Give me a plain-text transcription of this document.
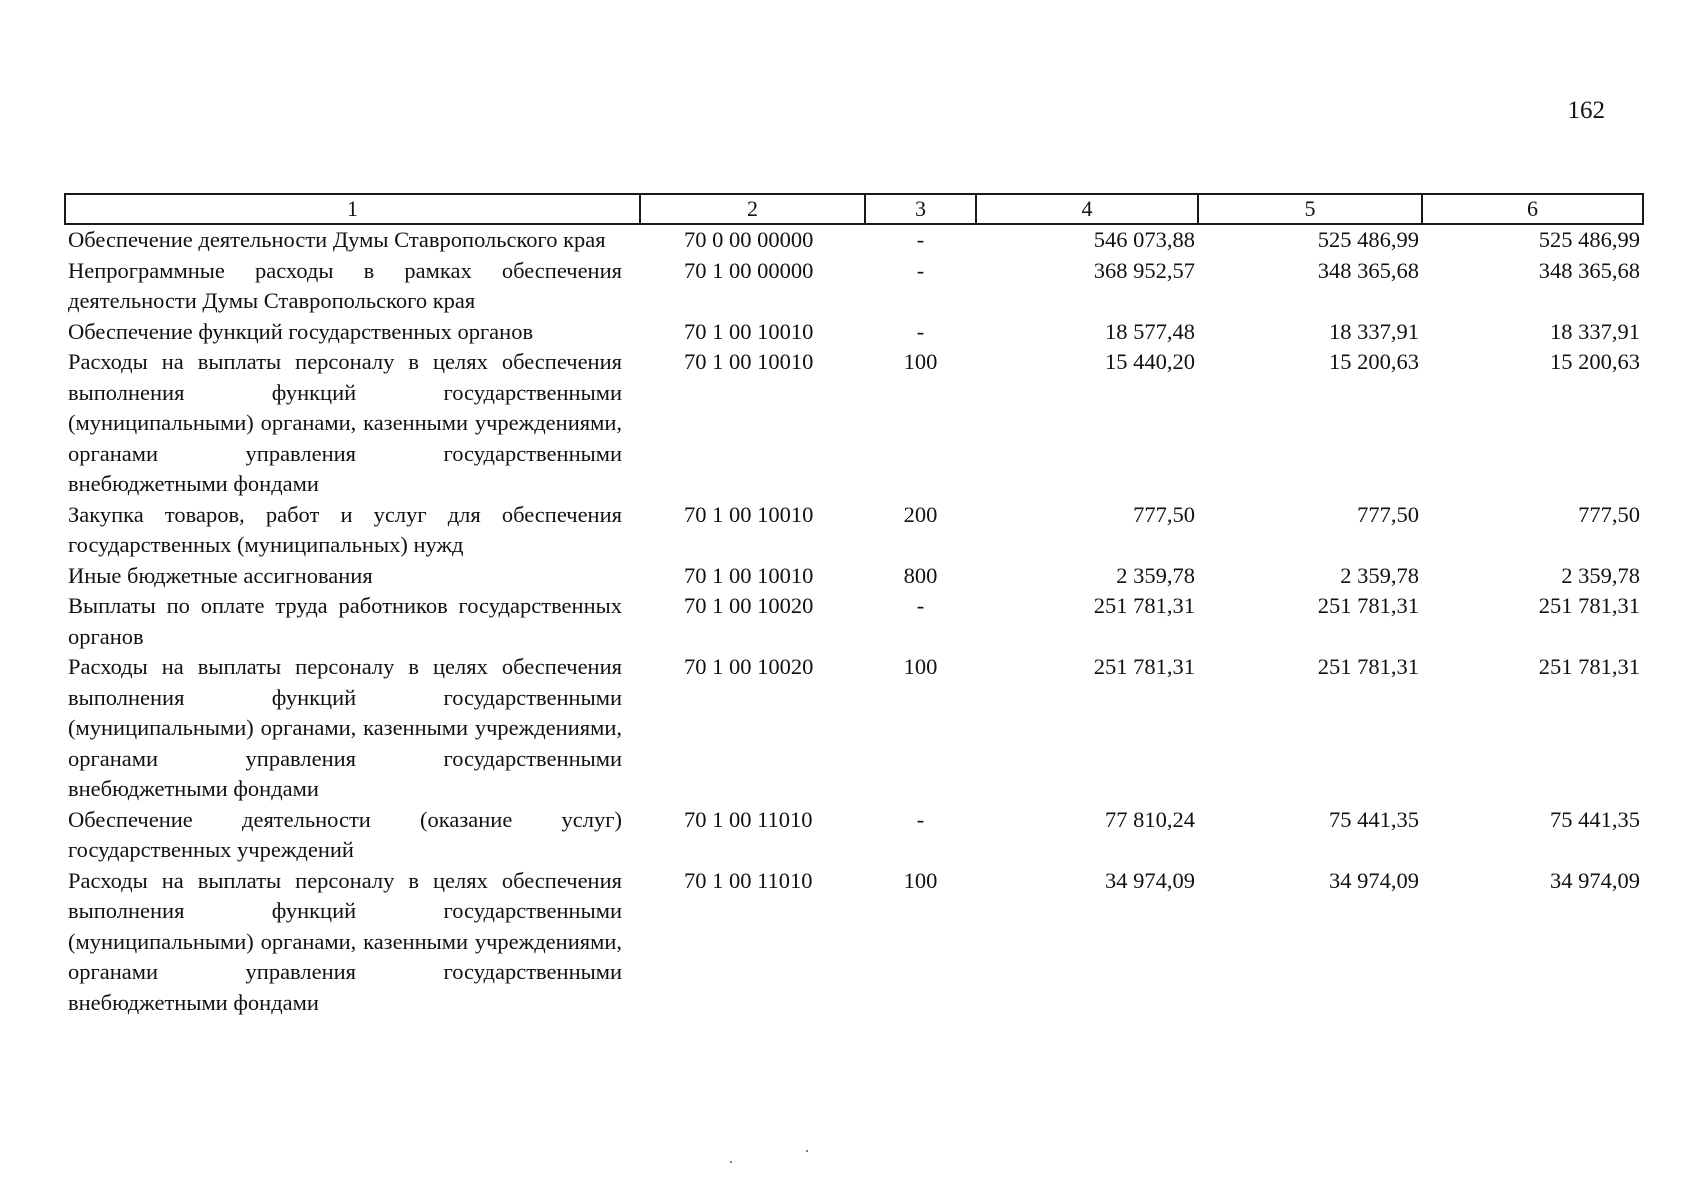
162
1	2	3	4	5	6
Обеспечение деятельности Думы Ставропольского края	70 0 00 00000	-	546 073,88	525 486,99	525 486,99
Непрограммные расходы в рамках обеспечения деятельности Думы Ставропольского края	70 1 00 00000	-	368 952,57	348 365,68	348 365,68
Обеспечение функций государственных органов	70 1 00 10010	-	18 577,48	18 337,91	18 337,91
Расходы на выплаты персоналу в целях обеспечения выполнения функций государственными (муниципальными) органами, казенными учреждениями, органами управления государственными внебюджетными фондами	70 1 00 10010	100	15 440,20	15 200,63	15 200,63
Закупка товаров, работ и услуг для обеспечения государственных (муниципальных) нужд	70 1 00 10010	200	777,50	777,50	777,50
Иные бюджетные ассигнования	70 1 00 10010	800	2 359,78	2 359,78	2 359,78
Выплаты по оплате труда работников государственных органов	70 1 00 10020	-	251 781,31	251 781,31	251 781,31
Расходы на выплаты персоналу в целях обеспечения выполнения функций государственными (муниципальными) органами, казенными учреждениями, органами управления государственными внебюджетными фондами	70 1 00 10020	100	251 781,31	251 781,31	251 781,31
Обеспечение деятельности (оказание услуг) государственных учреждений	70 1 00 11010	-	77 810,24	75 441,35	75 441,35
Расходы на выплаты персоналу в целях обеспечения выполнения функций государственными (муниципальными) органами, казенными учреждениями, органами управления государственными внебюджетными фондами	70 1 00 11010	100	34 974,09	34 974,09	34 974,09
